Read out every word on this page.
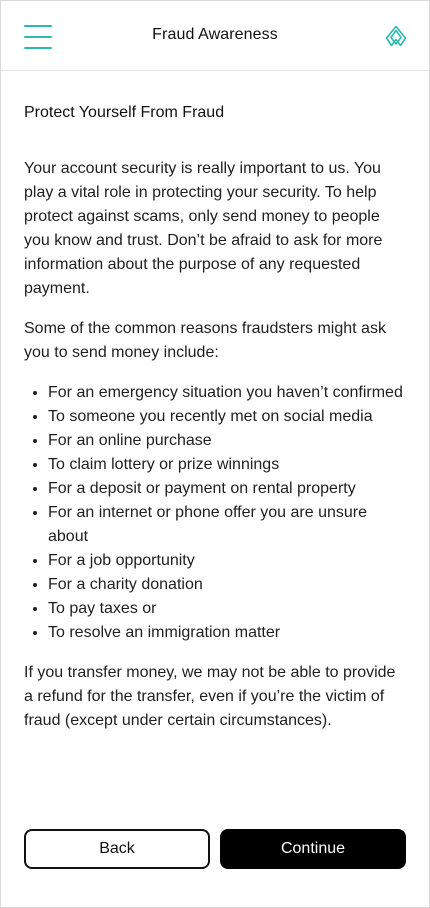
Fraud Awareness
Protect Yourself From Fraud

Your account security is really important to us. You play a vital role in protecting your security. To help protect against scams, only send money to people you know and trust. Don’t be afraid to ask for more information about the purpose of any requested payment.

Some of the common reasons fraudsters might ask you to send money include:

For an emergency situation you haven’t confirmed
To someone you recently met on social media
For an online purchase
To claim lottery or prize winnings
For a deposit or payment on rental property
For an internet or phone offer you are unsure about
For a job opportunity
For a charity donation
To pay taxes or
To resolve an immigration matter

If you transfer money, we may not be able to provide a refund for the transfer, even if you’re the victim of fraud (except under certain circumstances).

Back	Continue
